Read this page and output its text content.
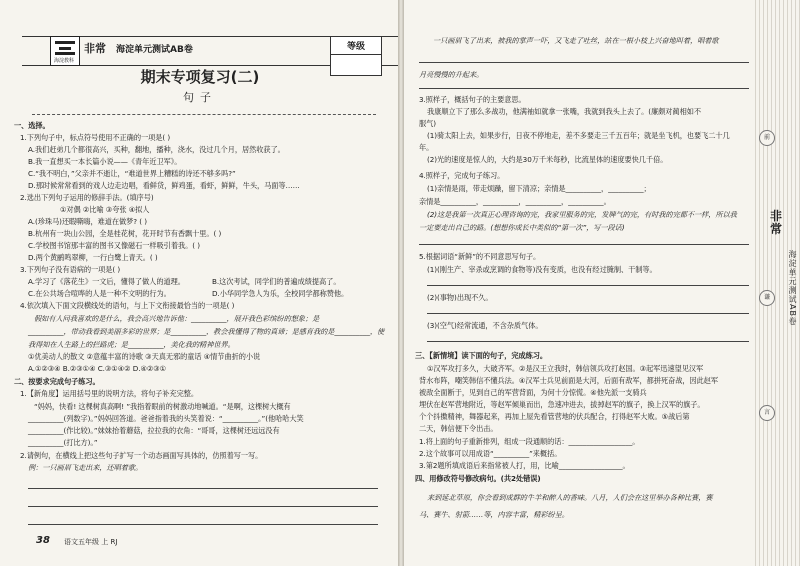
海淀教科
非常 海淀单元测试AB卷	等级
期末专项复习(二)
句子
一、选择。
1.下列句子中，标点符号使用不正确的一项是( )
A.我们赶弟几个都很高兴，买种，翻地，播种，浇水，没过几个月，居然收获了。
B.我一直想买一本长篇小说——《青年近卫军》。
C.“我不明白，”父亲并不逝让，“难道世界上糟糕的诗还不够多吗?”
D.那时候常常看到的戏人边走边唱，看鲜货，鲜鸡蛋，看虾，鲜鲜，牛头，马面等……
2.选出下列句子运用的修辞手法。(填序号)
①对偶 ②比喻 ③夸张 ④拟人
A.(珍珠马)还暇嘶嗨，难道在做梦? ( )
B.杭州有一块山公园，全是桂花树，花开时节有香飘十里。( )
C.学校图书馆那丰富的图书又像磁石一样吸引着我。( )
D.两个黄鹂鸣翠柳，一行白鹭上青天。( )
3.下列句子没有语病的一项是( )
A.学习了《落花生》一文后，懂得了做人的道理。	B.这次考试，同学们的普遍成绩提高了。
C.在公共场合喧哗的人是一种不文明的行为。	D.小华同学急人为乐，全校同学都称赞他。
4.依次填入下面文段横线处的语句，与上下文衔接最恰当的一项是( )
假如有人问我喜欢的是什么，我会高兴地告诉他：__________，展开我色彩缤纷的想象；是
__________，带动我看到美丽多彩的世界；是__________，教会我懂得了物的真谛；是感育我的是__________，使
我得知在人生路上的拦路虎；是__________，美化我的精神世界。
①优美动人的散文 ②意蕴丰富的诗歌 ③天真无邪的童话 ④情节曲折的小说
A.①②③④ B.②③①④ C.③①④② D.④②③①
二、按要求完成句子练习。
1.【新角度】运用括号里的说明方法，将句子补充完整。
“妈妈，快看! 这棵树真高啊! ”我指着眼前的树激动地喊道。“是啊，这棵树大概有
__________(列数字)。”妈妈回答道。爸爸指着我的头笑着说：“__________。”(他哈哈大笑
__________(作比较)。”妹妹抬着蘑菇，拉拉我的衣角：“哥哥，这棵树还远远没有
__________(打比方)。”
2.请例句，在横线上把这些句子扩写一个动态画面写具体的，仿照着写一写。
例：一只画眉飞走出来，还唱着歌。
38 语文五年级 上 RJ
一只画眉飞了出来，被我的掌声一吓，又飞走了吐丝，站在一根小枝上兴奋地叫着，唱着歌
月亮慢慢的升起来。
3.照样子，概括句子的主要意思。
我康顺立下了那么多战功，他满袖如就拿一张嘴，我就到我头上去了。(廉颇对蔺相如不
服气)
(1)骑太阳上去，如果步行，日夜不停地走，差不多要走三千五百年；就是坐飞机，也要飞二十几
年。
(2)光的速度是惊人的，大约是30万千米每秒，比流星体的速度要快几千倍。
4.照样子，完成句子练习。
(1)亲情是雨，带走烦躁，留下清凉；亲情是__________，__________；
亲情是__________，__________，__________，__________。
(2)这是我第一次真正心理咨询的完，我家里服务的完，发牌气的完，有时我的完都不一样，所以我
一定要走出自己的路。(想想你成长中类似的“第一次”，写一段话)
5.根据词语“新鲜”的不同意思写句子。
(1)(刚生产、宰杀或烹调的食物等)没有变质，也没有经过腌制、干制等。
(2)(事物)出现不久。
(3)(空气)经常流通，不含杂质气体。
三、【新情境】读下面的句子，完成练习。
①汉军攻打多久，大破齐军。②是汉王立我时，韩信领兵攻打赵国。③起军迅速望见汉军
背水布阵，嘲笑韩信不懂兵法。④汉军士兵见前面是大河，后面有敌军，都拼死奋战，因此赵军
被敌全面断于，见到自己的军营背面，为何十分惊慌。④他先派一支骑兵
埋伏在赵军营地附近，等赵军倾巢而出，急速冲进去，拔掉赵军的旗子，换上汉军的旗子。
个个抖擞精神，舞器起来，再加上屋先看管营地的伏兵配合，打得赵军大败。⑤战后第
二天，韩信便下令出击。
1.将上面的句子重新排列，组成一段通顺的话：__________________。
2.这个故事可以用成语“__________”来概括。
3.第2题所填成语后来指常被人打，用，比喻__________________。
四、用修改符号修改病句。(共2处错误)
来到延北草原，你会看到成群的牛羊和醉人的香味。八月，人们会在这里举办各种比赛，赛
马、赛牛、射箭……等，内容丰富，精彩纷呈。
前
谦
言
非常
海淀单元测试AB卷
